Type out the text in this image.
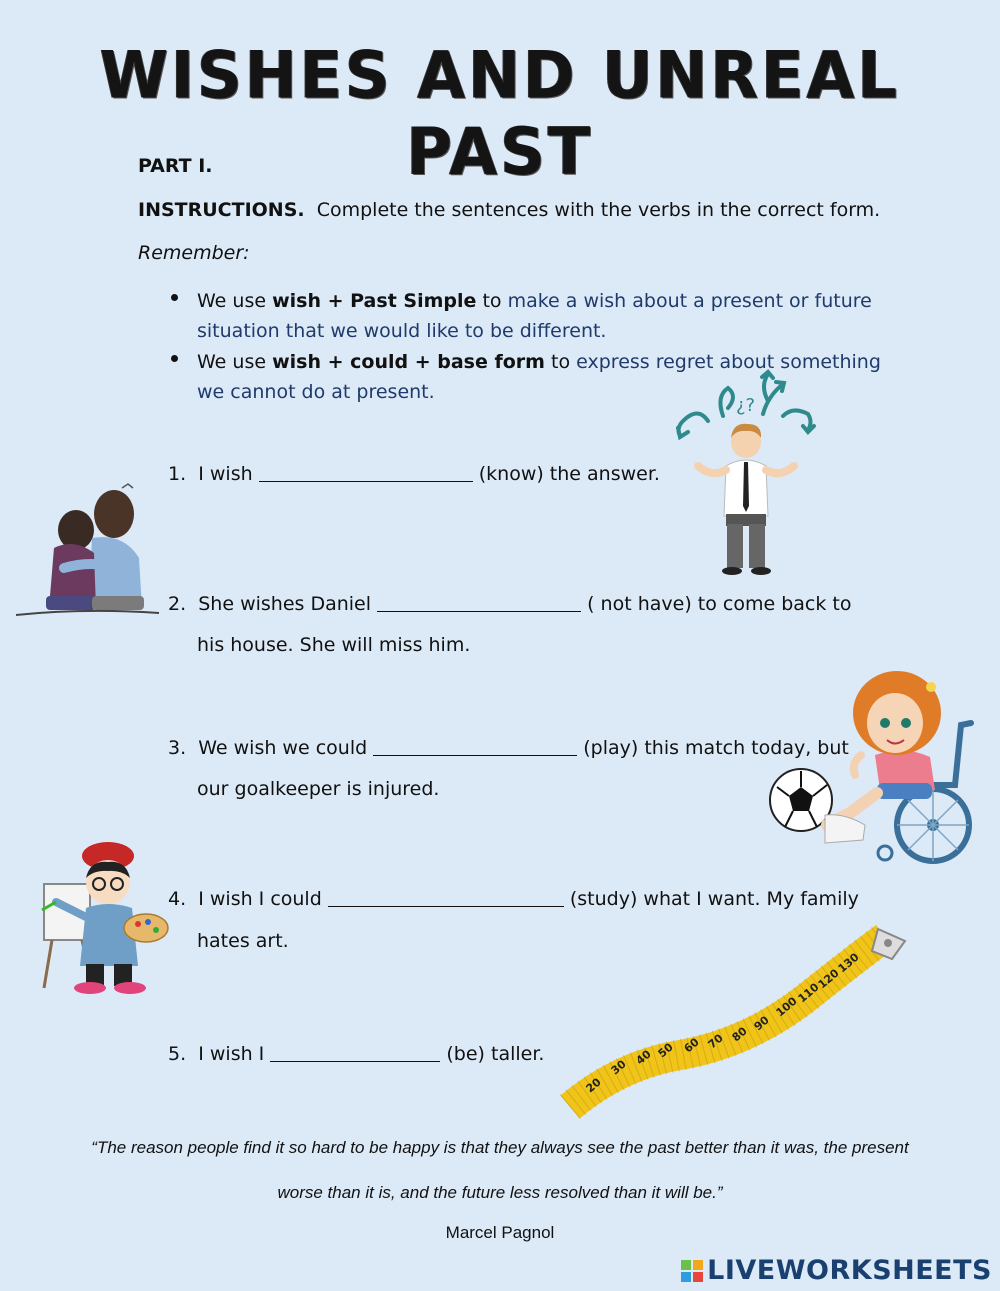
WISHES AND UNREAL PAST
PART I.
INSTRUCTIONS. Complete the sentences with the verbs in the correct form.
Remember:
We use wish + Past Simple to make a wish about a present or future
situation that we would like to be different.
We use wish + could + base form to express regret about something
we cannot do at present.
1. I wish	(know) the answer.
2. She wishes Daniel	( not have) to come back to
his house. She will miss him.
3. We wish we could	(play) this match today, but
our goalkeeper is injured.
4. I wish I could	(study) what I want. My family
hates art.
5. I wish I	(be) taller.
¿?
20
30
40 50 60 70 80
90
100
110
120
130
“The reason people find it so hard to be happy is that they always see the past better than it was, the present
worse than it is, and the future less resolved than it will be.”
Marcel Pagnol
LIVEWORKSHEETS
